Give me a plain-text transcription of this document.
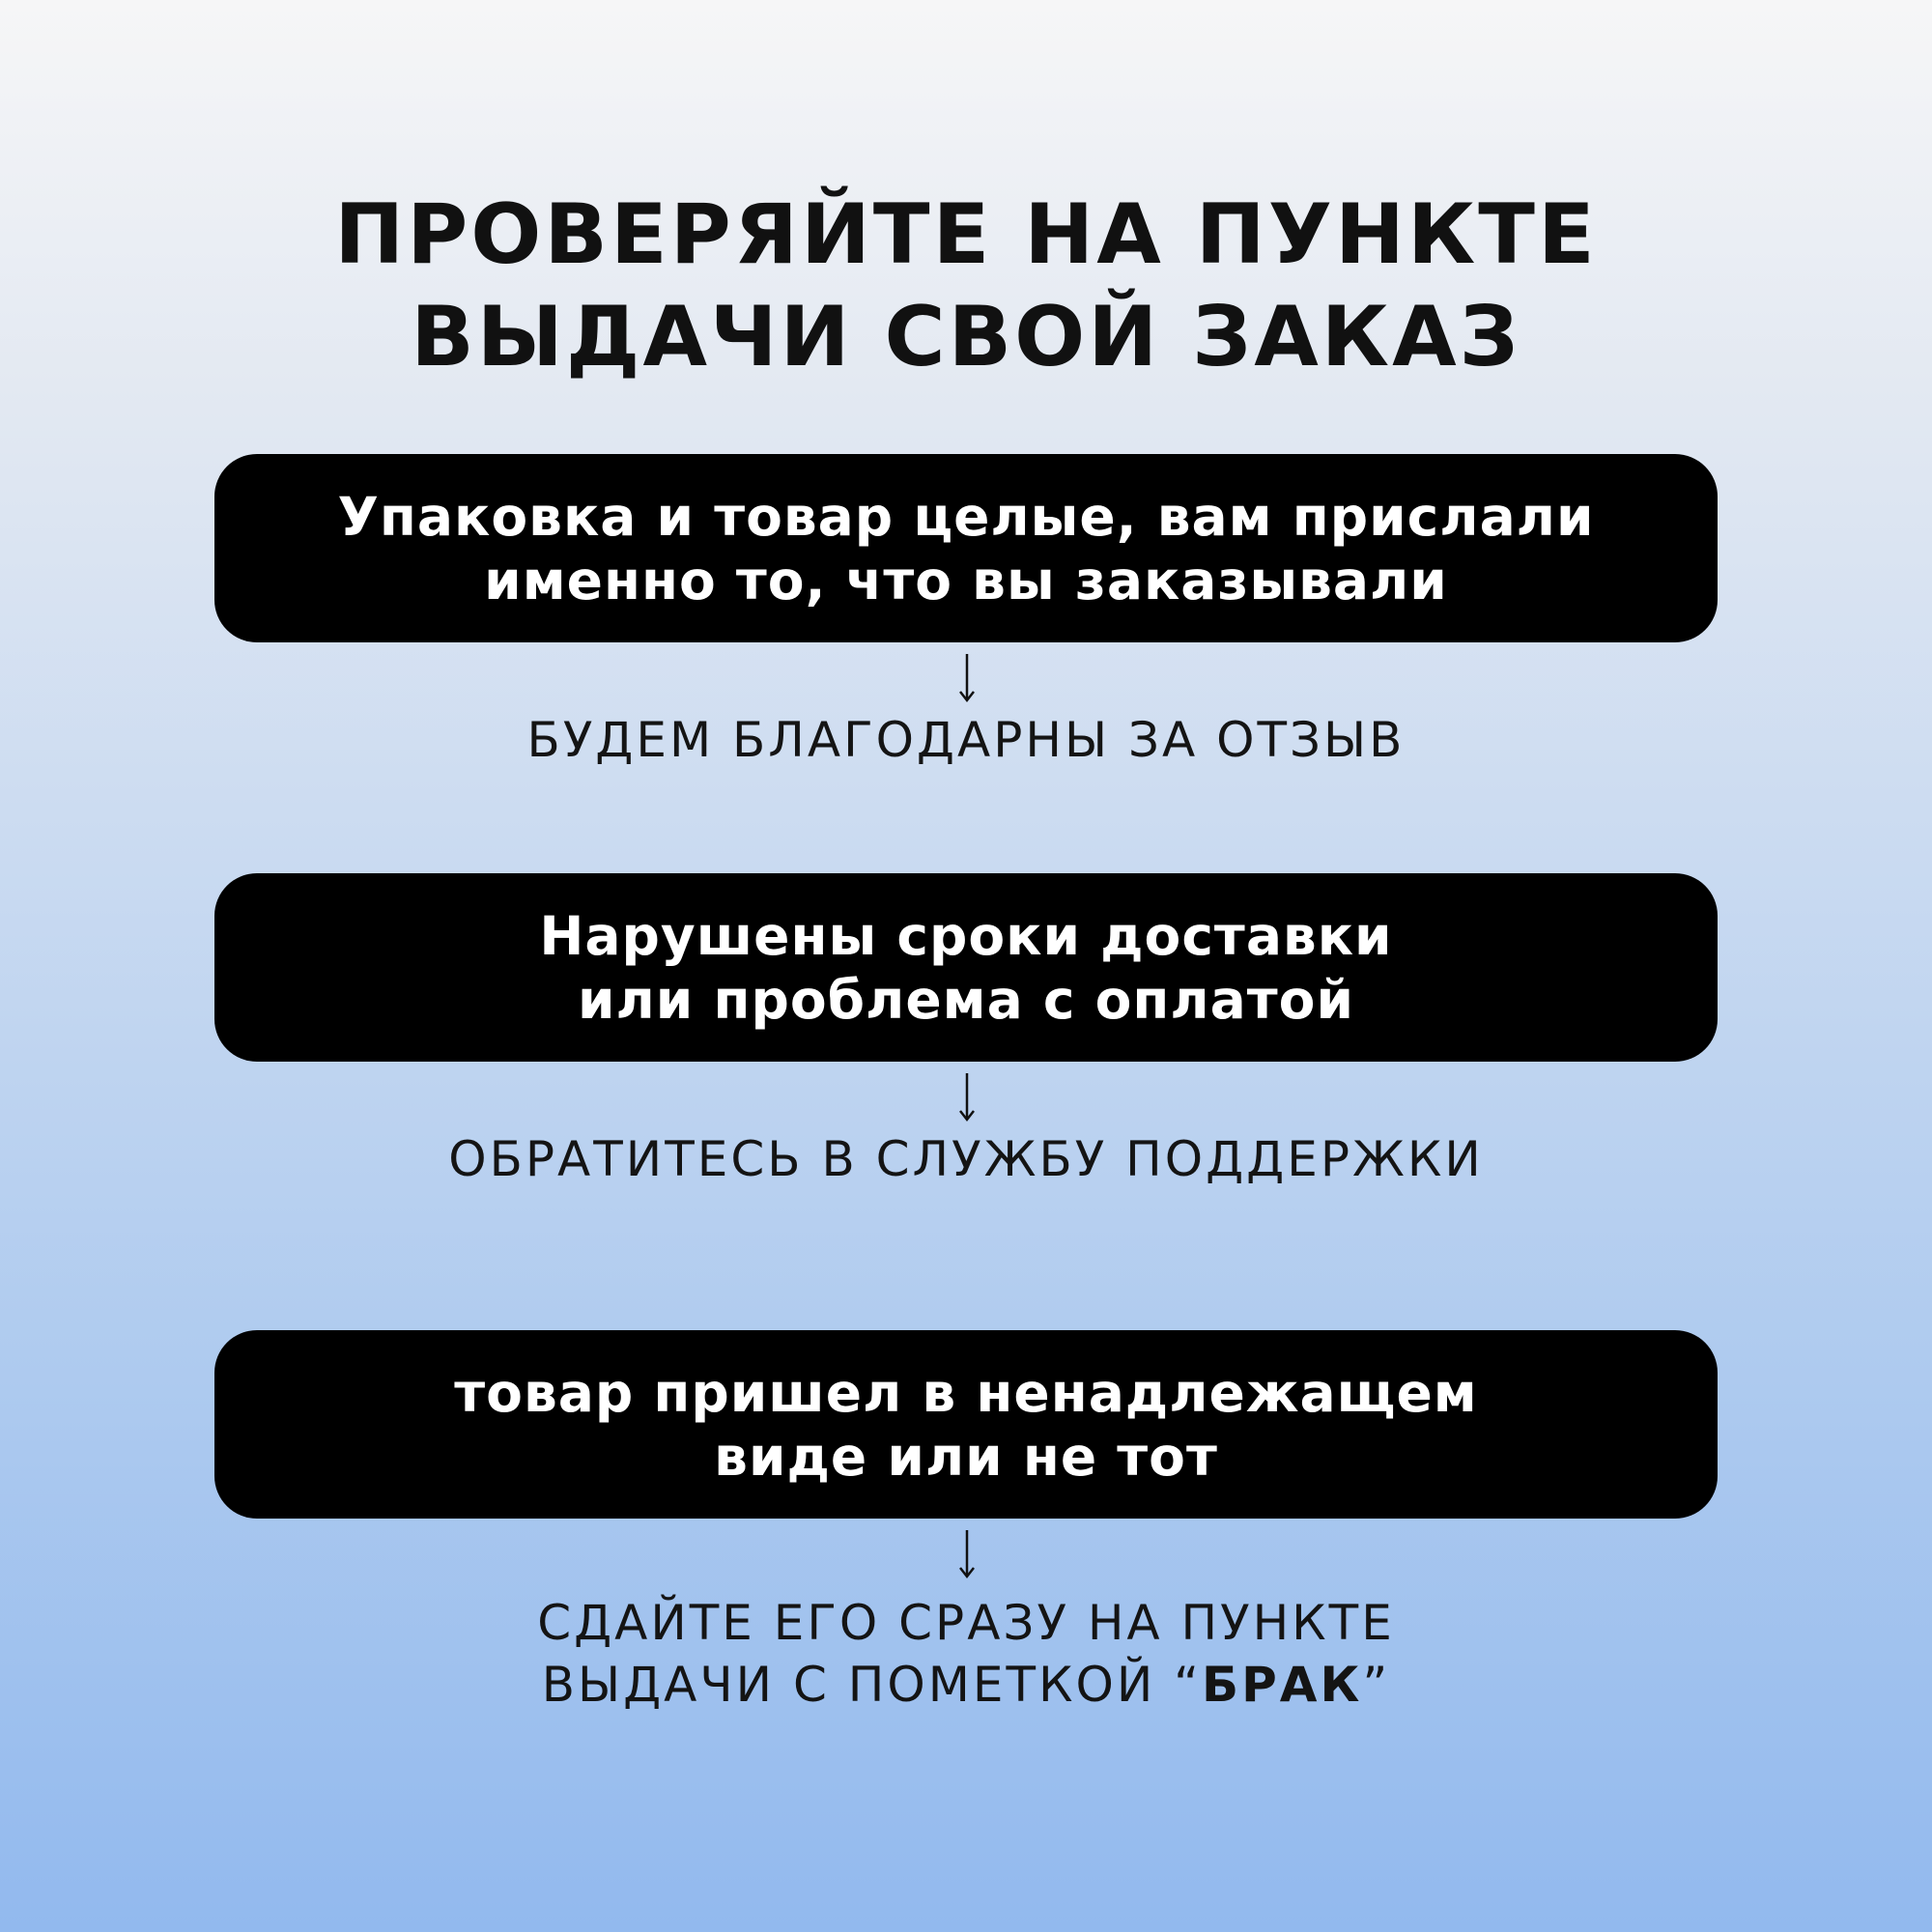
ПРОВЕРЯЙТЕ НА ПУНКТЕ
ВЫДАЧИ СВОЙ ЗАКАЗ
Упаковка и товар целые, вам прислали
именно то, что вы заказывали
БУДЕМ БЛАГОДАРНЫ ЗА ОТЗЫВ
Нарушены сроки доставки
или проблема с оплатой
ОБРАТИТЕСЬ В СЛУЖБУ ПОДДЕРЖКИ
товар пришел в ненадлежащем
виде или не тот
СДАЙТЕ ЕГО СРАЗУ НА ПУНКТЕ
ВЫДАЧИ С ПОМЕТКОЙ “БРАК”
